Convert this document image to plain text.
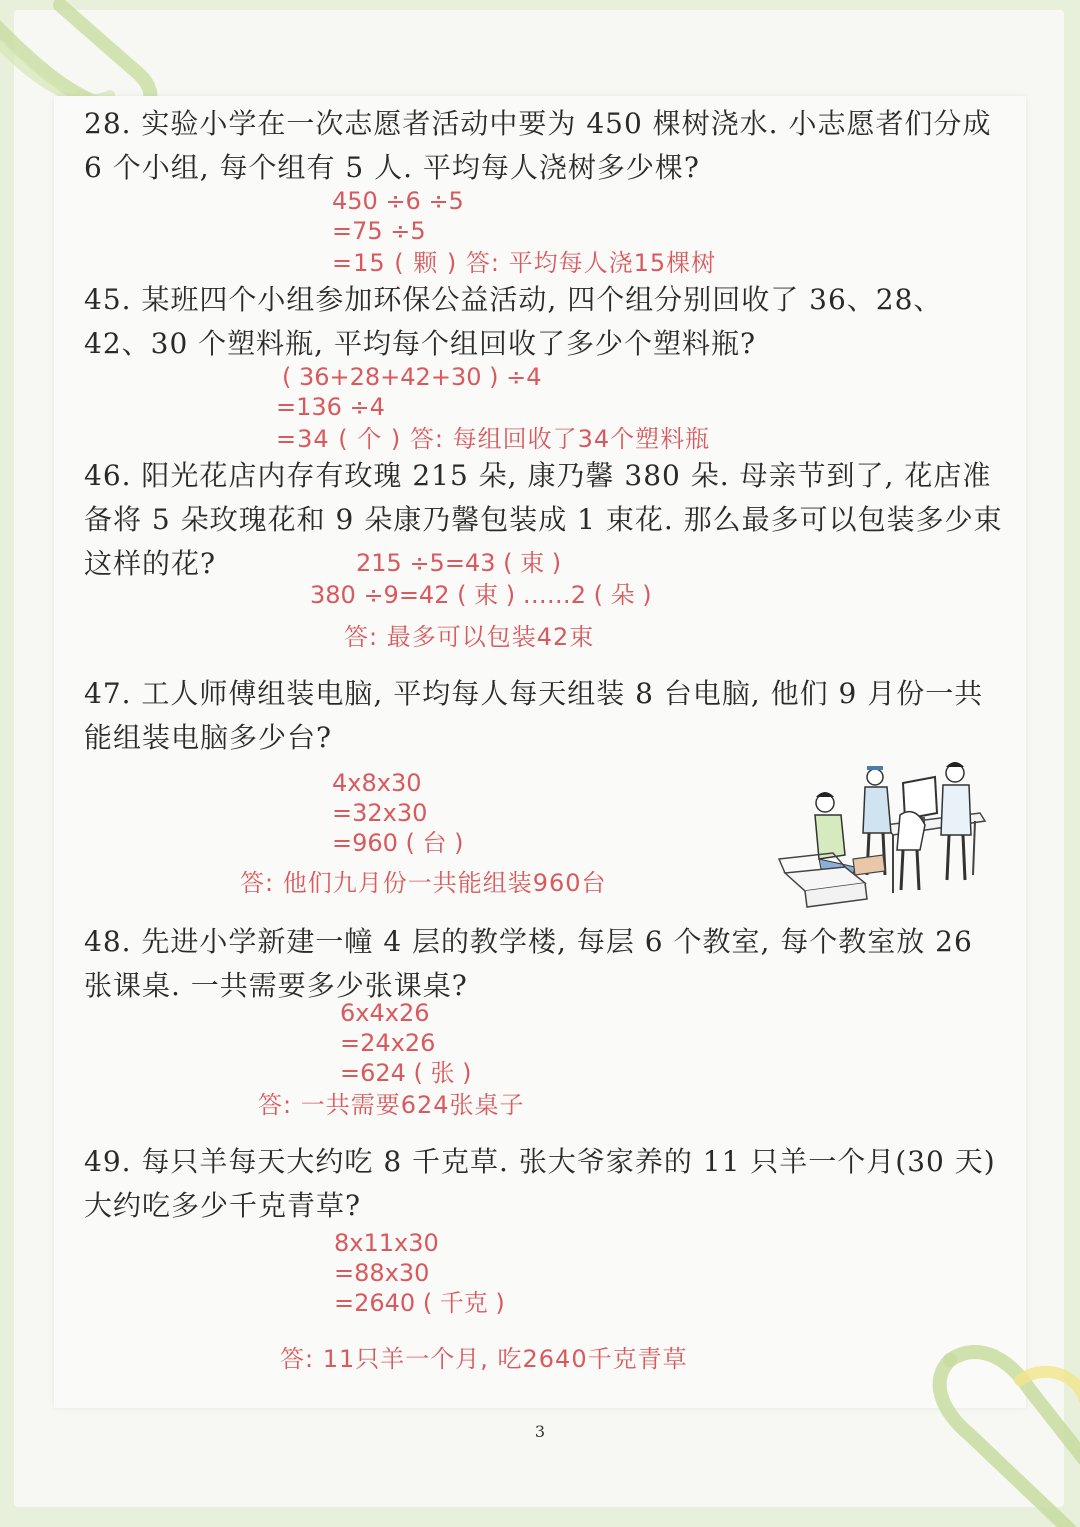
28. 实验小学在一次志愿者活动中要为 450 棵树浇水. 小志愿者们分成 6 个小组, 每个组有 5 人. 平均每人浇树多少棵?

450 ÷6 ÷5
=75 ÷5
=15 ( 颗 ) 答: 平均每人浇15棵树

45. 某班四个小组参加环保公益活动, 四个组分别回收了 36、28、42、30 个塑料瓶, 平均每个组回收了多少个塑料瓶?

( 36+28+42+30 ) ÷4
=136 ÷4
=34 ( 个 ) 答: 每组回收了34个塑料瓶

46. 阳光花店内存有玫瑰 215 朵, 康乃馨 380 朵. 母亲节到了, 花店准备将 5 朵玫瑰花和 9 朵康乃馨包装成 1 束花. 那么最多可以包装多少束这样的花?	215 ÷5=43 ( 束 )
380 ÷9=42 ( 束 ) ……2 ( 朵 )
答: 最多可以包装42束

47. 工人师傅组装电脑, 平均每人每天组装 8 台电脑, 他们 9 月份一共能组装电脑多少台?

4x8x30
=32x30
=960 ( 台 )
答: 他们九月份一共能组装960台

48. 先进小学新建一幢 4 层的教学楼, 每层 6 个教室, 每个教室放 26 张课桌. 一共需要多少张课桌?

6x4x26
=24x26
=624 ( 张 )
答: 一共需要624张桌子

49. 每只羊每天大约吃 8 千克草. 张大爷家养的 11 只羊一个月(30 天)大约吃多少千克青草?

8x11x30
=88x30
=2640 ( 千克 )
答: 11只羊一个月, 吃2640千克青草
3
